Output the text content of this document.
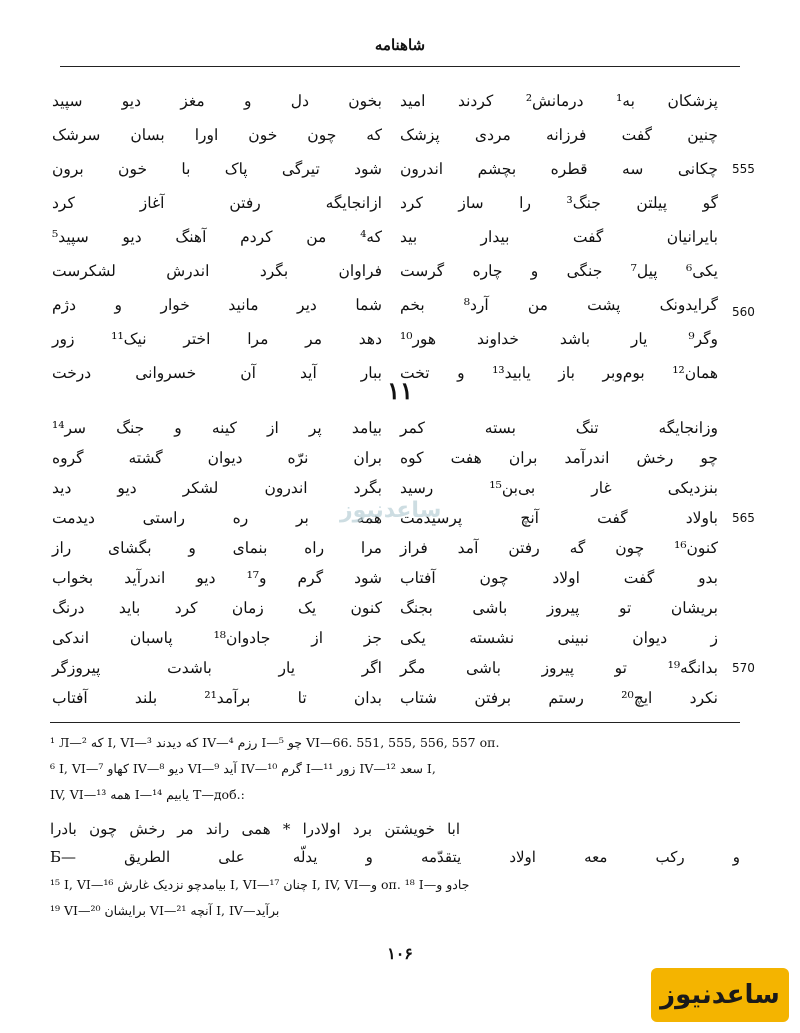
شاهنامه
پزشکان به¹ درمانش² کردند امید
چنین گفت فرزانه مردی پزشک
چکانی سه قطره بچشم اندرون
گو پیلتن جنگ³ را ساز کرد
بایرانیان گفت بیدار بید
یکی⁶ پیل⁷ جنگی و چاره گرست
گرایدونک پشت من آرد⁸ بخم
وگر⁹ یار باشد خداوند هور¹⁰
همان¹² بوم‌وبر باز یابید¹³ و تخت
بخون دل و مغز دیو سپید
که چون خون اورا بسان سرشک
شود تیرگی پاک با خون برون
ازانجایگه رفتن آغاز کرد
که⁴ من کردم آهنگ دیو سپید⁵
فراوان بگرد اندرش لشکرست
شما دیر مانید خوار و دژم
دهد مر مرا اختر نیک¹¹ زور
ببار آید آن خسروانی درخت
555
560
۱۱
وزانجایگه تنگ بسته کمر
چو رخش اندرآمد بران هفت کوه
بنزدیکی غار بی‌بن¹⁵ رسید
باولاد گفت آنچ پرسیدمت
کنون¹⁶ چون گه رفتن آمد فراز
بدو گفت اولاد چون آفتاب
بریشان تو پیروز باشی بجنگ
ز دیوان نبینی نشسته یکی
بدانگه¹⁹ تو پیروز باشی مگر
نکرد ایچ²⁰ رستم برفتن شتاب
بیامد پر از کینه و جنگ سر¹⁴
بران نرّه دیوان گشته گروه
بگرد اندرون لشکر دیو دید
همه بر ره راستی دیدمت
مرا راه بنمای و بگشای راز
شود گرم و¹⁷ دیو اندرآید بخواب
کنون یک زمان کرد باید درنگ
جز از جادوان¹⁸ پاسبان اندکی
اگر یار باشدت پیروزگر
بدان تا برآمد²¹ بلند آفتاب
565
570
ساعدنیوز
¹ Л—که ² I, VI—که دیدند ³ IV—رزم ⁴ I—چو ⁵ VI—66. 551, 555, 556, 557 оп.
⁶ I, VI—کهاو ⁷ IV—دیو ⁸ VI—آید ⁹ IV—گرم ¹⁰ I—زور ¹¹ IV—سعد ¹² I,
IV, VI—همه ¹³ I—یابیم ¹⁴ T—доб.:
ابا خویشتن برد اولادرا * همی راند مر رخش چون بادرا
و رکب معه اولاد یتقدّمه و یدلّه علی الطریق —Б
¹⁵ I, VI—بیامدچو نزدیک غارش ¹⁶ I, VI—چنان ¹⁷ I, IV, VI—و оп. ¹⁸ I—جادو و
¹⁹ VI—برایشان ²⁰ VI—آنچه ²¹ I, IV—برآید
۱۰۶
ساعدنیوز
